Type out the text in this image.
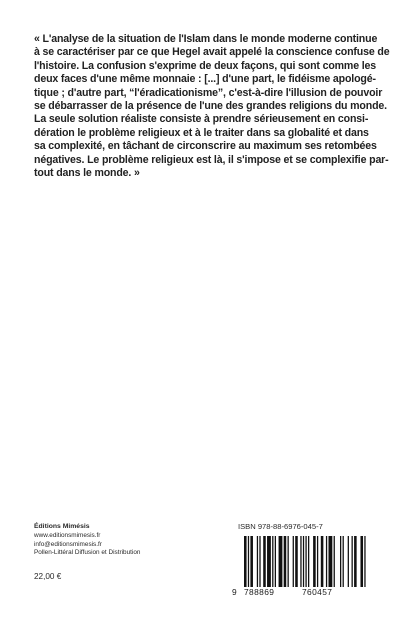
« L'analyse de la situation de l'Islam dans le monde moderne continue
à se caractériser par ce que Hegel avait appelé la conscience confuse de
l'histoire. La confusion s'exprime de deux façons, qui sont comme les
deux faces d'une même monnaie : [...] d'une part, le fidéisme apologé-
tique ; d'autre part, “l'éradicationisme”, c'est-à-dire l'illusion de pouvoir
se débarrasser de la présence de l'une des grandes religions du monde.
La seule solution réaliste consiste à prendre sérieusement en consi-
dération le problème religieux et à le traiter dans sa globalité et dans
sa complexité, en tâchant de circonscrire au maximum ses retombées
négatives. Le problème religieux est là, il s'impose et se complexifie par-
tout dans le monde. »
Éditions Mimésis
www.editionsmimesis.fr
info@editionsmimesis.fr
Pollen-Littéral Diffusion et Distribution
22,00 €
ISBN 978-88-6976-045-7
9 788869	760457
